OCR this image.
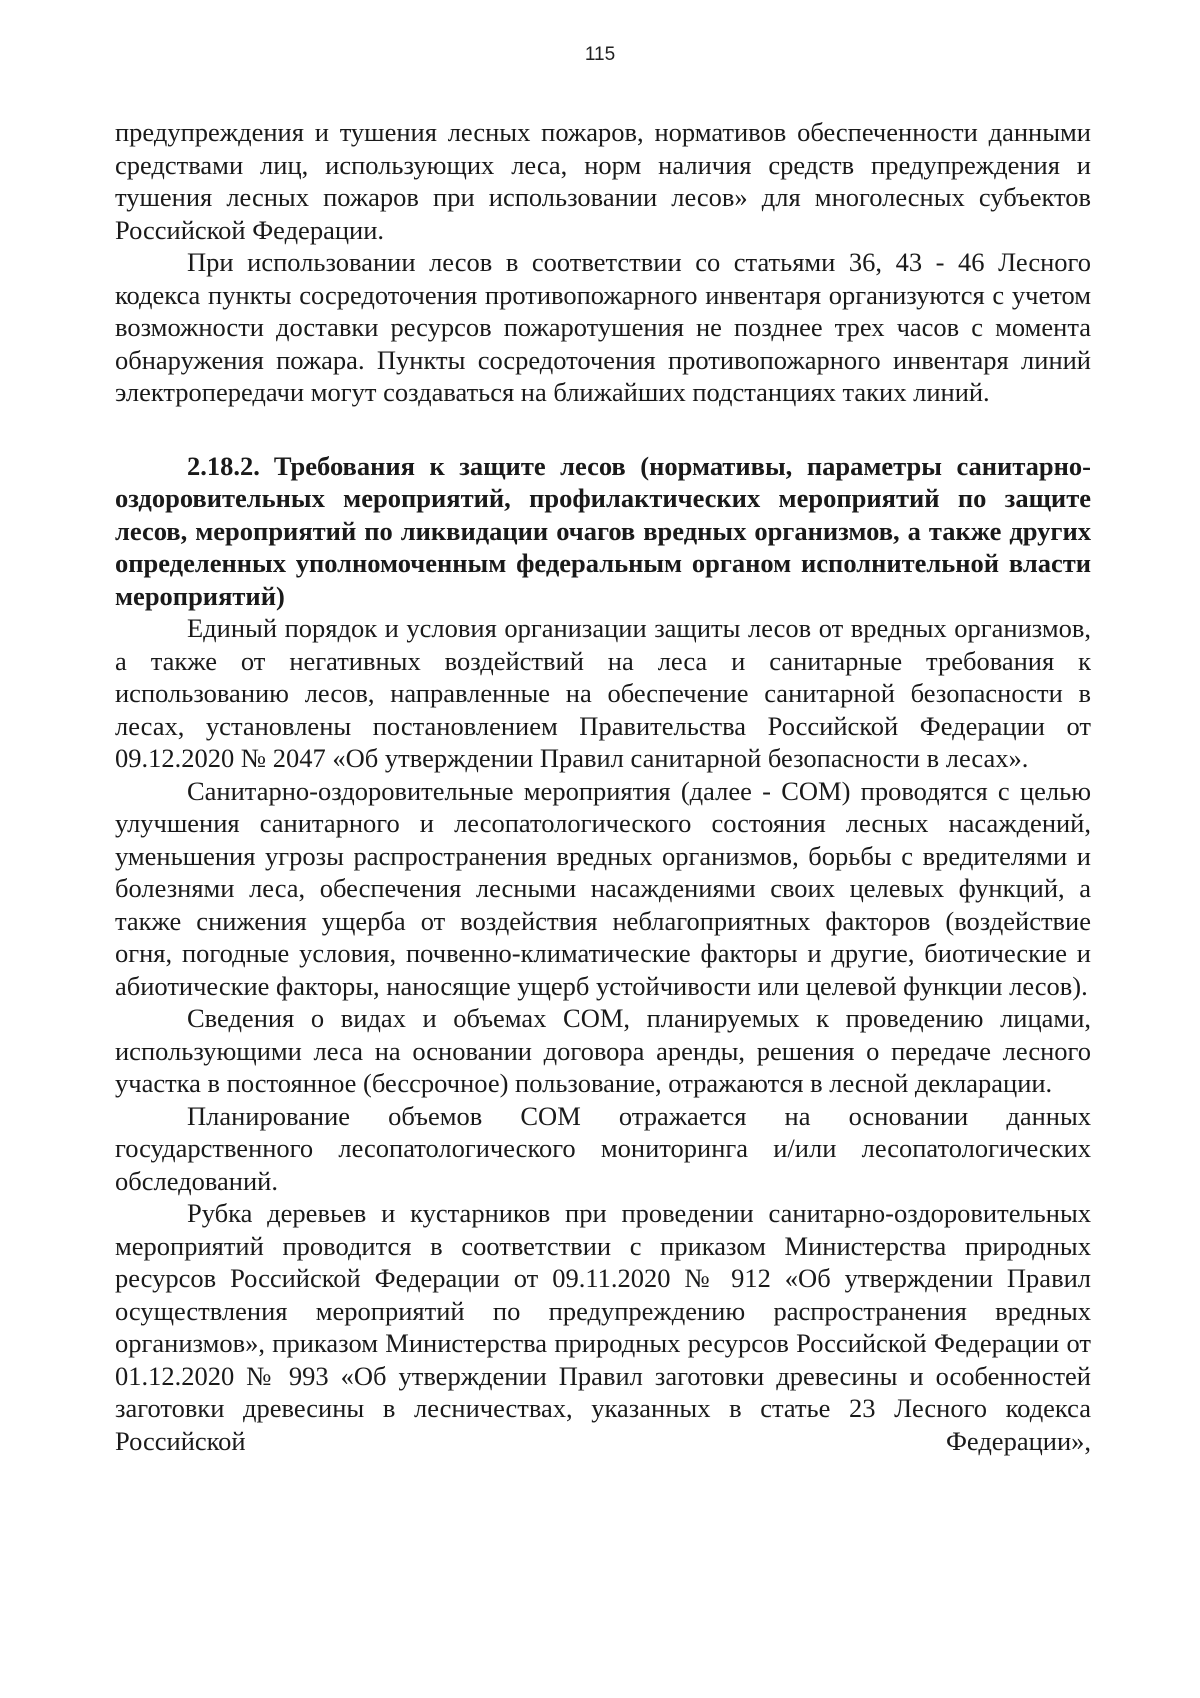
115

предупреждения и тушения лесных пожаров, нормативов обеспеченности данными средствами лиц, использующих леса, норм наличия средств предупреждения и тушения лесных пожаров при использовании лесов» для многолесных субъектов Российской Федерации.

При использовании лесов в соответствии со статьями 36, 43 - 46 Лесного кодекса пункты сосредоточения противопожарного инвентаря организуются с учетом возможности доставки ресурсов пожаротушения не позднее трех часов с момента обнаружения пожара. Пункты сосредоточения противопожарного инвентаря линий электропередачи могут создаваться на ближайших подстанциях таких линий.

2.18.2. Требования к защите лесов (нормативы, параметры санитарно-оздоровительных мероприятий, профилактических мероприятий по защите лесов, мероприятий по ликвидации очагов вредных организмов, а также других определенных уполномоченным федеральным органом исполнительной власти мероприятий)

Единый порядок и условия организации защиты лесов от вредных организмов, а также от негативных воздействий на леса и санитарные требования к использованию лесов, направленные на обеспечение санитарной безопасности в лесах, установлены постановлением Правительства Российской Федерации от 09.12.2020 № 2047 «Об утверждении Правил санитарной безопасности в лесах».

Санитарно-оздоровительные мероприятия (далее - СОМ) проводятся с целью улучшения санитарного и лесопатологического состояния лесных насаждений, уменьшения угрозы распространения вредных организмов, борьбы с вредителями и болезнями леса, обеспечения лесными насаждениями своих целевых функций, а также снижения ущерба от воздействия неблагоприятных факторов (воздействие огня, погодные условия, почвенно-климатические факторы и другие, биотические и абиотические факторы, наносящие ущерб устойчивости или целевой функции лесов).

Сведения о видах и объемах СОМ, планируемых к проведению лицами, использующими леса на основании договора аренды, решения о передаче лесного участка в постоянное (бессрочное) пользование, отражаются в лесной декларации.

Планирование объемов СОМ отражается на основании данных государственного лесопатологического мониторинга и/или лесопатологических обследований.

Рубка деревьев и кустарников при проведении санитарно-оздоровительных мероприятий проводится в соответствии с приказом Министерства природных ресурсов Российской Федерации от 09.11.2020 № 912 «Об утверждении Правил осуществления мероприятий по предупреждению распространения вредных организмов», приказом Министерства природных ресурсов Российской Федерации от 01.12.2020 № 993 «Об утверждении Правил заготовки древесины и особенностей заготовки древесины в лесничествах, указанных в статье 23 Лесного кодекса Российской Федерации»,
